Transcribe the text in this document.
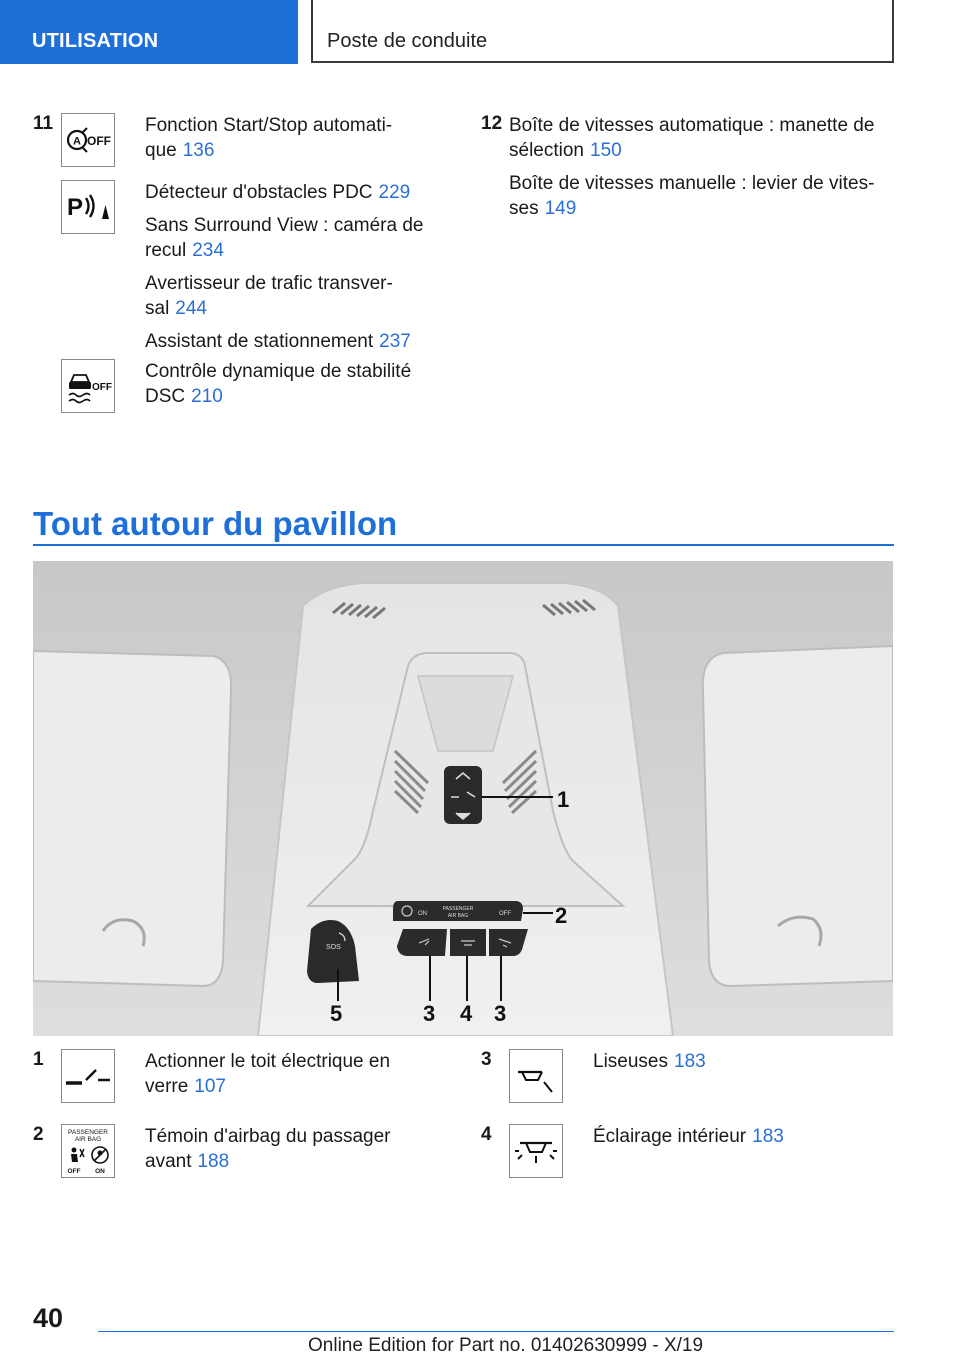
UTILISATION	Poste de conduite
11
A OFF
Fonction Start/Stop automati-
que 136
P
Détecteur d'obstacles PDC 229
Sans Surround View : caméra de
recul 234
Avertisseur de trafic transver-
sal 244
Assistant de stationnement 237
OFF
Contrôle dynamique de stabilité
DSC 210
12 Boîte de vitesses automatique : manette de
sélection 150
Boîte de vitesses manuelle : levier de vites-
ses 149
Tout autour du pavillon
1
ON
PASSENGER
AIR BAG	OFF 2
3 4 3
SOS
5
1	Actionner le toit électrique en
verre 107
2	PASSENGER
AIR BAG
OFF ON
Témoin d'airbag du passager
avant 188
3	Liseuses 183
4	Éclairage intérieur 183
40
Online Edition for Part no. 01402630999 - X/19
